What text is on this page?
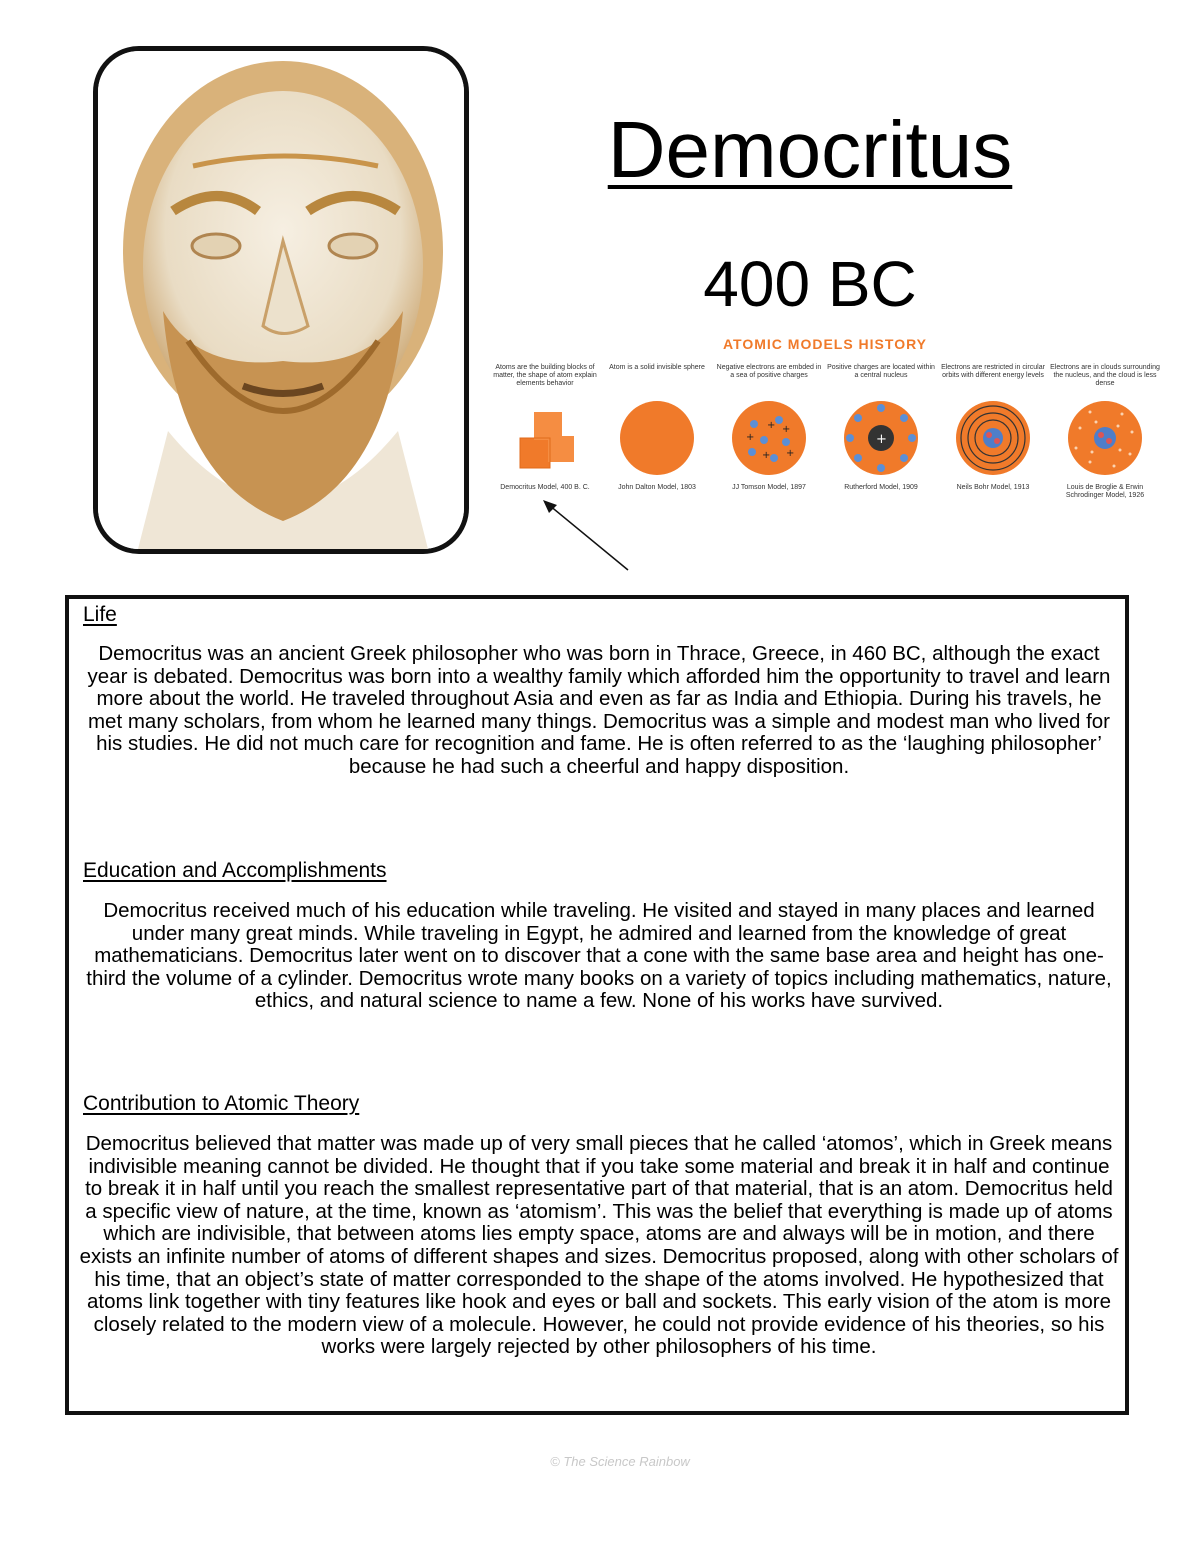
Democritus
400 BC
ATOMIC MODELS HISTORY
Atoms are the building blocks of matter, the shape of atom explain elements behavior
Democritus Model, 400 B. C.
Atom is a solid invisible sphere
John Dalton Model, 1803
Negative electrons are embded in a sea of positive charges
+
+
+
+ +
JJ Tomson Model, 1897
Positive charges are located within a central nucleus
+
Rutherford Model, 1909
Electrons are restricted in circular orbits with different energy levels
Neils Bohr Model, 1913
Electrons are in clouds surrounding the nucleus, and the cloud is less dense
Louis de Broglie & Erwin Schrodinger Model, 1926
Life
Democritus was an ancient Greek philosopher who was born in Thrace, Greece, in 460 BC, although the exact year is debated. Democritus was born into a wealthy family which afforded him the opportunity to travel and learn more about the world. He traveled throughout Asia and even as far as India and Ethiopia. During his travels, he met many scholars, from whom he learned many things. Democritus was a simple and modest man who lived for his studies. He did not much care for recognition and fame. He is often referred to as the ‘laughing philosopher’ because he had such a cheerful and happy disposition.
Education and Accomplishments
Democritus received much of his education while traveling. He visited and stayed in many places and learned under many great minds. While traveling in Egypt, he admired and learned from the knowledge of great mathematicians. Democritus later went on to discover that a cone with the same base area and height has one-third the volume of a cylinder. Democritus wrote many books on a variety of topics including mathematics, nature, ethics, and natural science to name a few. None of his works have survived.
Contribution to Atomic Theory
Democritus believed that matter was made up of very small pieces that he called ‘atomos’, which in Greek means indivisible meaning cannot be divided. He thought that if you take some material and break it in half and continue to break it in half until you reach the smallest representative part of that material, that is an atom. Democritus held a specific view of nature, at the time, known as ‘atomism’. This was the belief that everything is made up of atoms which are indivisible, that between atoms lies empty space, atoms are and always will be in motion, and there exists an infinite number of atoms of different shapes and sizes. Democritus proposed, along with other scholars of his time, that an object’s state of matter corresponded to the shape of the atoms involved. He hypothesized that atoms link together with tiny features like hook and eyes or ball and sockets. This early vision of the atom is more closely related to the modern view of a molecule. However, he could not provide evidence of his theories, so his works were largely rejected by other philosophers of his time.
© The Science Rainbow
